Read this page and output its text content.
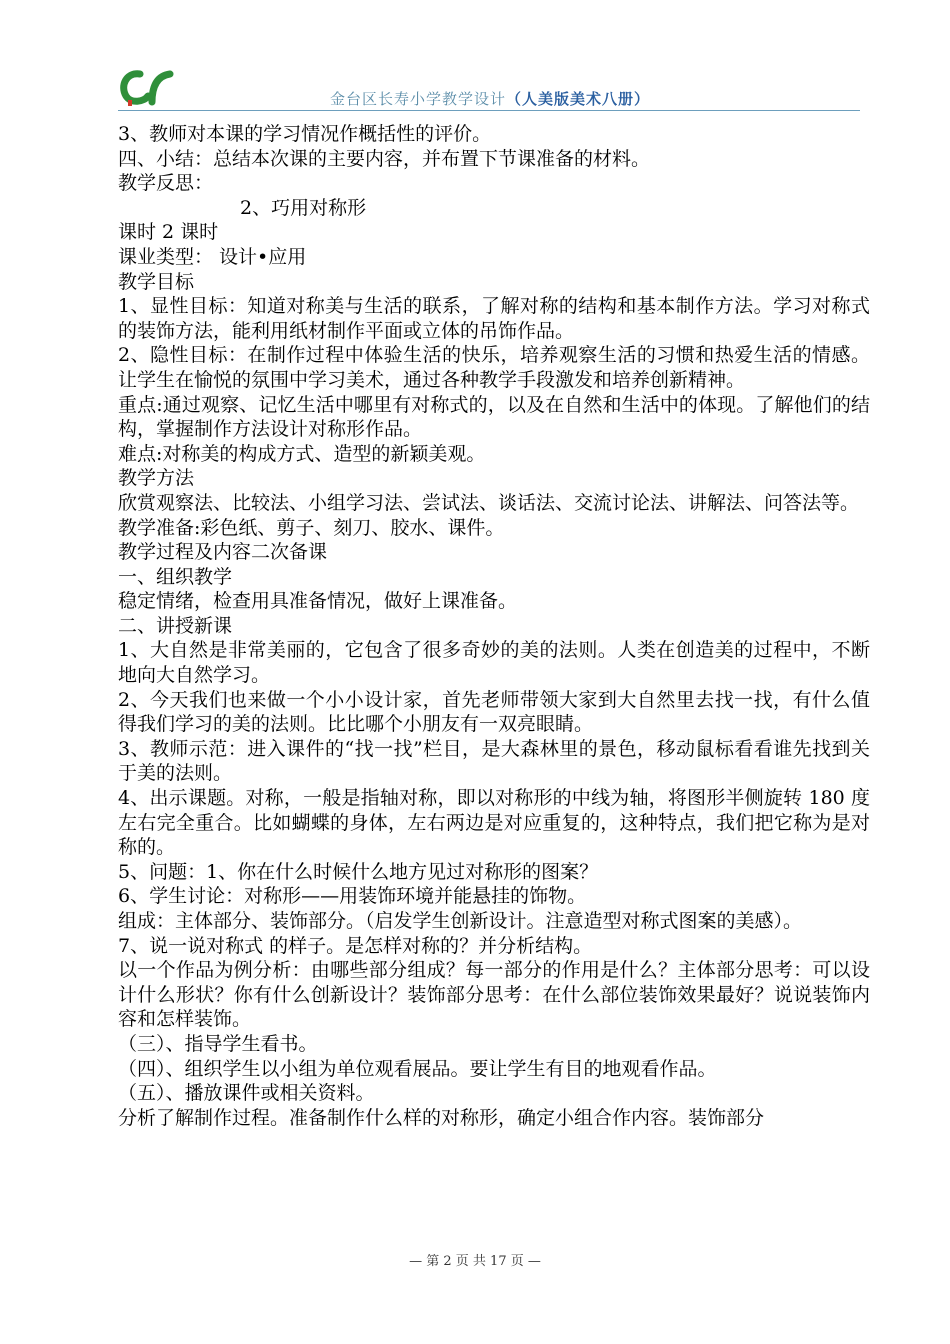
金台区长寿小学教学设计（人美版美术八册）

3、教师对本课的学习情况作概括性的评价。

四、小结：总结本次课的主要内容，并布置下节课准备的材料。

教学反思：

2、巧用对称形

课时 2 课时

课业类型： 设计•应用

教学目标

1、显性目标：知道对称美与生活的联系，了解对称的结构和基本制作方法。学习对称式的装饰方法，能利用纸材制作平面或立体的吊饰作品。

2、隐性目标：在制作过程中体验生活的快乐，培养观察生活的习惯和热爱生活的情感。让学生在愉悦的氛围中学习美术，通过各种教学手段激发和培养创新精神。

重点:通过观察、记忆生活中哪里有对称式的，以及在自然和生活中的体现。了解他们的结构，掌握制作方法设计对称形作品。

难点:对称美的构成方式、造型的新颖美观。

教学方法

欣赏观察法、比较法、小组学习法、尝试法、谈话法、交流讨论法、讲解法、问答法等。

教学准备:彩色纸、剪子、刻刀、胶水、课件。

教学过程及内容二次备课

一、组织教学

稳定情绪，检查用具准备情况，做好上课准备。

二、讲授新课

1、大自然是非常美丽的，它包含了很多奇妙的美的法则。人类在创造美的过程中，不断地向大自然学习。

2、今天我们也来做一个小小设计家，首先老师带领大家到大自然里去找一找，有什么值得我们学习的美的法则。比比哪个小朋友有一双亮眼睛。

3、教师示范：进入课件的“找一找”栏目，是大森林里的景色，移动鼠标看看谁先找到关于美的法则。

4、出示课题。对称，一般是指轴对称，即以对称形的中线为轴，将图形半侧旋转 180 度左右完全重合。比如蝴蝶的身体，左右两边是对应重复的，这种特点，我们把它称为是对称的。

5、问题：1、你在什么时候什么地方见过对称形的图案？

6、学生讨论：对称形——用装饰环境并能悬挂的饰物。

组成：主体部分、装饰部分。（启发学生创新设计。注意造型对称式图案的美感）。

7、说一说对称式 的样子。是怎样对称的？并分析结构。

以一个作品为例分析：由哪些部分组成？每一部分的作用是什么？主体部分思考：可以设计什么形状？你有什么创新设计？装饰部分思考：在什么部位装饰效果最好？说说装饰内容和怎样装饰。

（三）、指导学生看书。

（四）、组织学生以小组为单位观看展品。要让学生有目的地观看作品。

（五）、播放课件或相关资料。

分析了解制作过程。准备制作什么样的对称形，确定小组合作内容。装饰部分

— 第 2 页 共 17 页 —
